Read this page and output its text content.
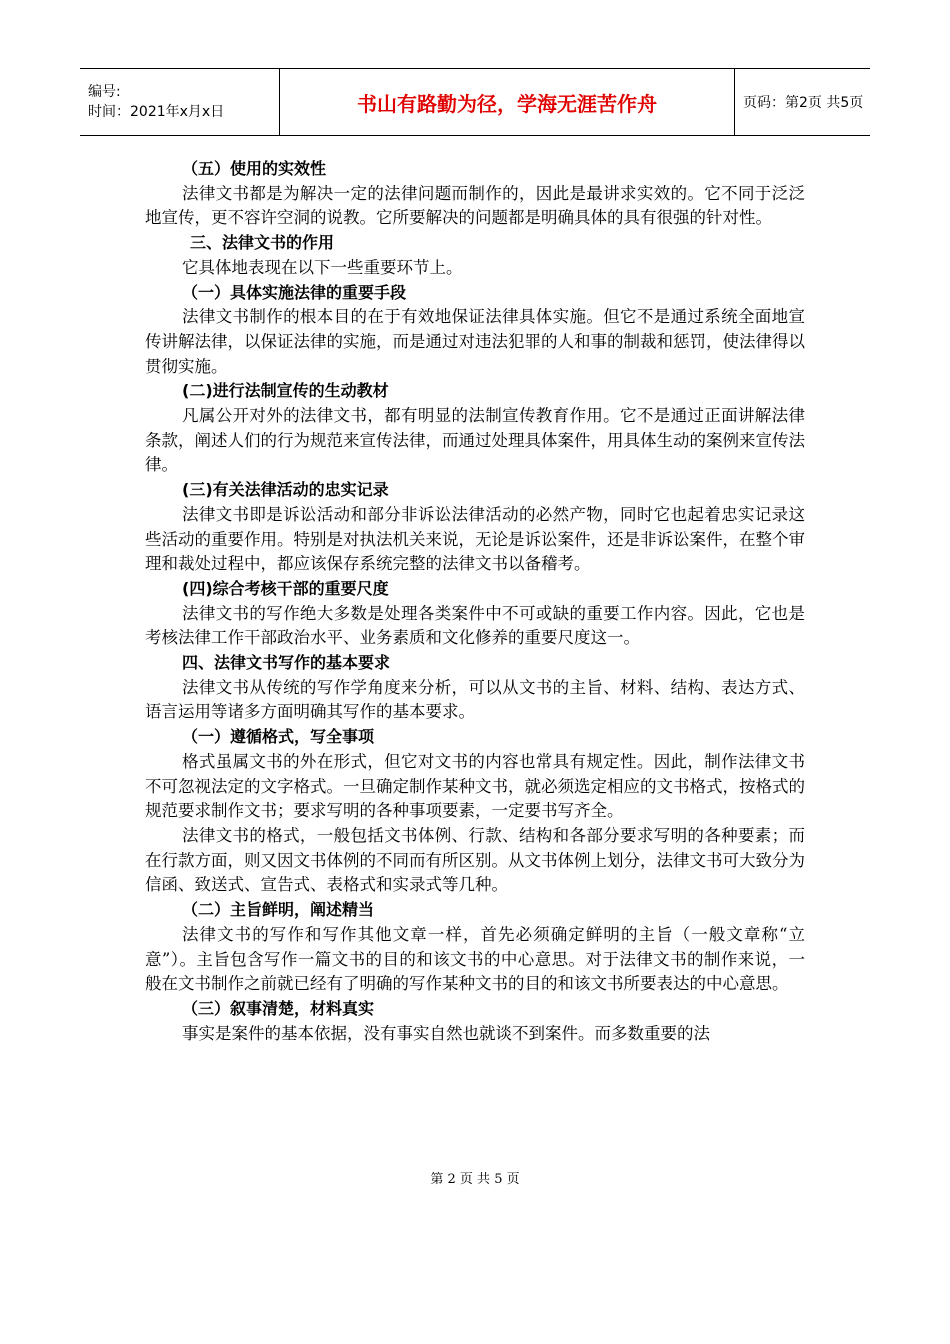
编号:
时间：2021年x月x日	书山有路勤为径，学海无涯苦作舟	页码：第2页 共5页

（五）使用的实效性

法律文书都是为解决一定的法律问题而制作的，因此是最讲求实效的。它不同于泛泛地宣传，更不容许空洞的说教。它所要解决的问题都是明确具体的具有很强的针对性。

三、法律文书的作用

它具体地表现在以下一些重要环节上。

（一）具体实施法律的重要手段

法律文书制作的根本目的在于有效地保证法律具体实施。但它不是通过系统全面地宣传讲解法律，以保证法律的实施，而是通过对违法犯罪的人和事的制裁和惩罚，使法律得以贯彻实施。

(二)进行法制宣传的生动教材

凡属公开对外的法律文书，都有明显的法制宣传教育作用。它不是通过正面讲解法律条款，阐述人们的行为规范来宣传法律，而通过处理具体案件，用具体生动的案例来宣传法律。

(三)有关法律活动的忠实记录

法律文书即是诉讼活动和部分非诉讼法律活动的必然产物，同时它也起着忠实记录这些活动的重要作用。特别是对执法机关来说，无论是诉讼案件，还是非诉讼案件，在整个审理和裁处过程中，都应该保存系统完整的法律文书以备稽考。

(四)综合考核干部的重要尺度

法律文书的写作绝大多数是处理各类案件中不可或缺的重要工作内容。因此，它也是考核法律工作干部政治水平、业务素质和文化修养的重要尺度这一。

四、法律文书写作的基本要求

法律文书从传统的写作学角度来分析，可以从文书的主旨、材料、结构、表达方式、语言运用等诸多方面明确其写作的基本要求。

（一）遵循格式，写全事项

格式虽属文书的外在形式，但它对文书的内容也常具有规定性。因此，制作法律文书不可忽视法定的文字格式。一旦确定制作某种文书，就必须选定相应的文书格式，按格式的规范要求制作文书；要求写明的各种事项要素，一定要书写齐全。

法律文书的格式，一般包括文书体例、行款、结构和各部分要求写明的各种要素；而在行款方面，则又因文书体例的不同而有所区别。从文书体例上划分，法律文书可大致分为信函、致送式、宣告式、表格式和实录式等几种。

（二）主旨鲜明，阐述精当

法律文书的写作和写作其他文章一样，首先必须确定鲜明的主旨（一般文章称“立意”）。主旨包含写作一篇文书的目的和该文书的中心意思。对于法律文书的制作来说，一般在文书制作之前就已经有了明确的写作某种文书的目的和该文书所要表达的中心意思。

（三）叙事清楚，材料真实

事实是案件的基本依据，没有事实自然也就谈不到案件。而多数重要的法

第 2 页 共 5 页
